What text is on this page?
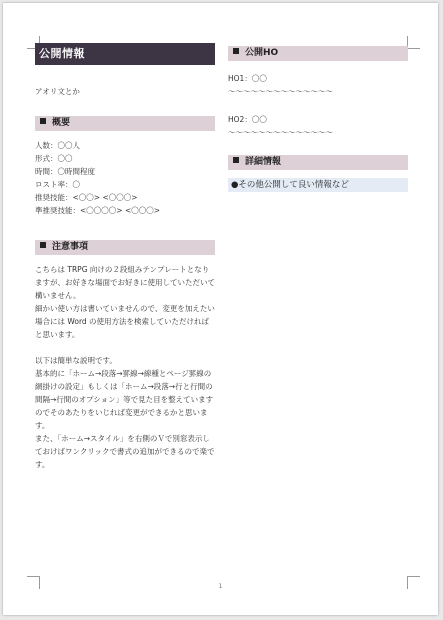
公開情報
アオリ文とか
概要
人数：〇〇人
形式：〇〇
時間：〇時間程度
ロスト率：〇
推奨技能：<〇〇> <〇〇〇>
準推奨技能：<〇〇〇〇> <〇〇〇>
注意事項
こちらは TRPG 向けの２段組みテンプレートとなりますが、お好きな場面でお好きに使用していただいて構いません。
細かい使い方は書いていませんので、変更を加えたい場合には Word の使用方法を検索していただければと思います。
以下は簡単な説明です。
基本的に「ホーム→段落→罫線→線種とページ罫線の網掛けの設定」もしくは「ホーム→段落→行と行間の間隔→行間のオプション」等で見た目を整えていますのでそのあたりをいじれば変更ができるかと思います。
また、「ホーム→スタイル」を右側のＶで別窓表示しておけばワンクリックで書式の追加ができるので楽です。
公開HO
HO1：〇〇
〜〜〜〜〜〜〜〜〜〜〜〜〜〜
HO2：〇〇
〜〜〜〜〜〜〜〜〜〜〜〜〜〜
詳細情報
●その他公開して良い情報など
1
